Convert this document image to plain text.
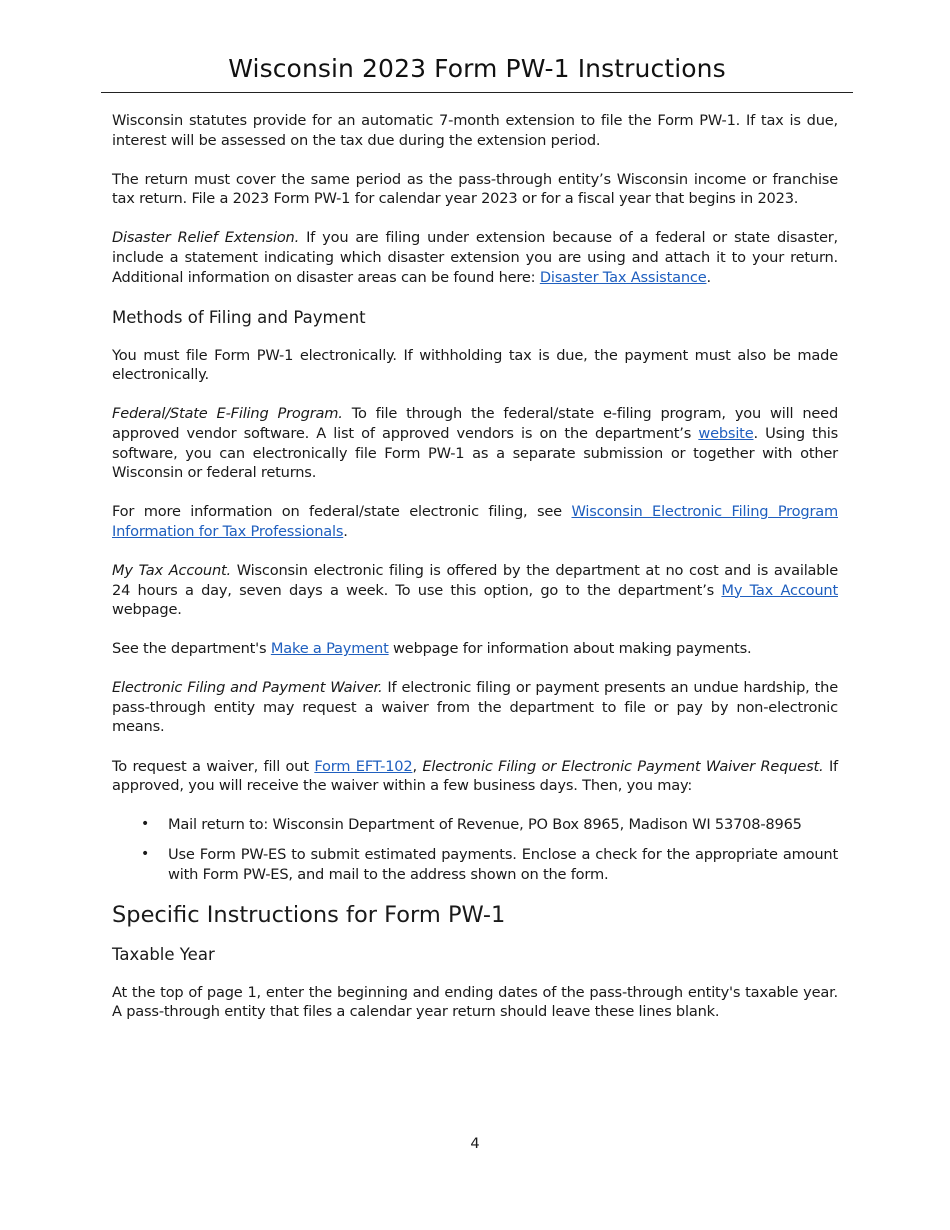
Wisconsin 2023 Form PW-1 Instructions

Wisconsin statutes provide for an automatic 7-month extension to file the Form PW-1. If tax is due, interest will be assessed on the tax due during the extension period.

The return must cover the same period as the pass-through entity’s Wisconsin income or franchise tax return. File a 2023 Form PW-1 for calendar year 2023 or for a fiscal year that begins in 2023.

Disaster Relief Extension. If you are filing under extension because of a federal or state disaster, include a statement indicating which disaster extension you are using and attach it to your return. Additional information on disaster areas can be found here: Disaster Tax Assistance.

Methods of Filing and Payment

You must file Form PW-1 electronically. If withholding tax is due, the payment must also be made electronically.

Federal/State E-Filing Program. To file through the federal/state e-filing program, you will need approved vendor software. A list of approved vendors is on the department’s website. Using this software, you can electronically file Form PW-1 as a separate submission or together with other Wisconsin or federal returns.

For more information on federal/state electronic filing, see Wisconsin Electronic Filing Program Information for Tax Professionals.

My Tax Account. Wisconsin electronic filing is offered by the department at no cost and is available 24 hours a day, seven days a week. To use this option, go to the department’s My Tax Account webpage.

See the department's Make a Payment webpage for information about making payments.

Electronic Filing and Payment Waiver. If electronic filing or payment presents an undue hardship, the pass-through entity may request a waiver from the department to file or pay by non-electronic means.

To request a waiver, fill out Form EFT-102, Electronic Filing or Electronic Payment Waiver Request. If approved, you will receive the waiver within a few business days. Then, you may:

• Mail return to: Wisconsin Department of Revenue, PO Box 8965, Madison WI 53708-8965
• Use Form PW-ES to submit estimated payments. Enclose a check for the appropriate amount with Form PW-ES, and mail to the address shown on the form.
Specific Instructions for Form PW-1
Taxable Year

At the top of page 1, enter the beginning and ending dates of the pass-through entity's taxable year. A pass-through entity that files a calendar year return should leave these lines blank.

4
